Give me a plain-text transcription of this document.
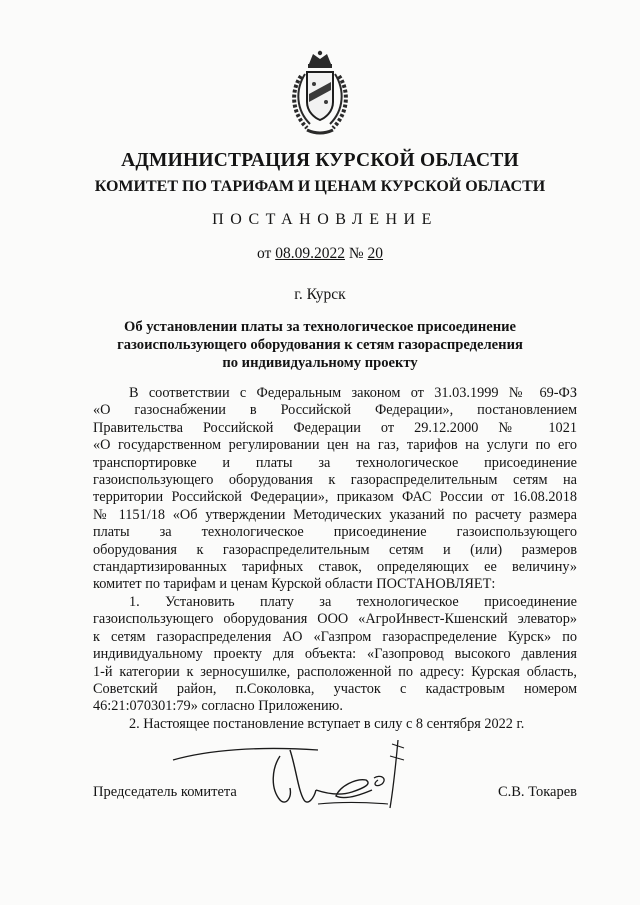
АДМИНИСТРАЦИЯ КУРСКОЙ ОБЛАСТИ
КОМИТЕТ ПО ТАРИФАМ И ЦЕНАМ КУРСКОЙ ОБЛАСТИ
ПОСТАНОВЛЕНИЕ
от 08.09.2022 № 20
г. Курск
Об установлении платы за технологическое присоединение
газоиспользующего оборудования к сетям газораспределения
по индивидуальному проекту

В соответствии с Федеральным законом от 31.03.1999 № 69-ФЗ

«О газоснабжении в Российской Федерации», постановлением

Правительства Российской Федерации от 29.12.2000 № 1021

«О государственном регулировании цен на газ, тарифов на услуги по его

транспортировке и платы за технологическое присоединение

газоиспользующего оборудования к газораспределительным сетям на

территории Российской Федерации», приказом ФАС России от 16.08.2018

№ 1151/18 «Об утверждении Методических указаний по расчету размера

платы за технологическое присоединение газоиспользующего

оборудования к газораспределительным сетям и (или) размеров

стандартизированных тарифных ставок, определяющих ее величину»

комитет по тарифам и ценам Курской области ПОСТАНОВЛЯЕТ:

1. Установить плату за технологическое присоединение

газоиспользующего оборудования ООО «АгроИнвест-Кшенский элеватор»

к сетям газораспределения АО «Газпром газораспределение Курск» по

индивидуальному проекту для объекта: «Газопровод высокого давления

1-й категории к зерносушилке, расположенной по адресу: Курская область,

Советский район, п.Соколовка, участок с кадастровым номером

46:21:070301:79» согласно Приложению.

2. Настоящее постановление вступает в силу с 8 сентября 2022 г.

Председатель комитета	С.В. Токарев
